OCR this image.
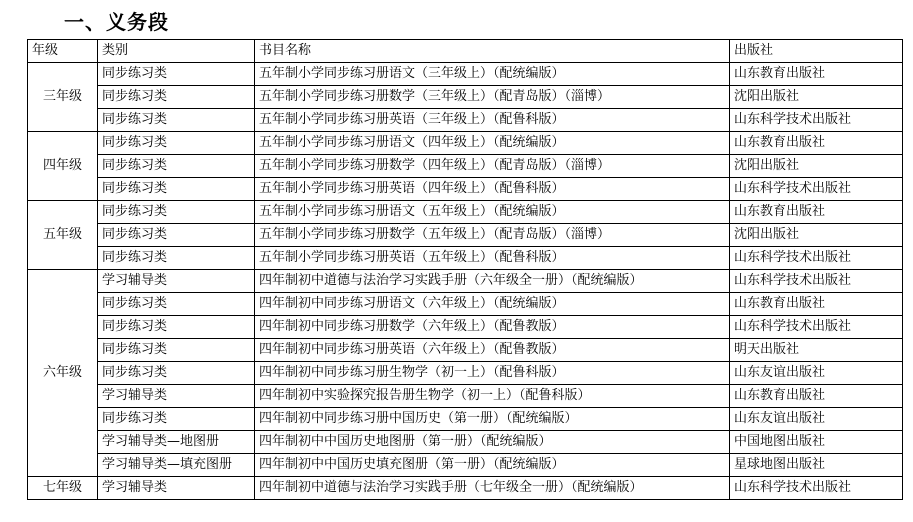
一、义务段
年级	类别	书目名称	出版社
三年级	同步练习类	五年制小学同步练习册语文（三年级上）（配统编版）	山东教育出版社
	同步练习类	五年制小学同步练习册数学（三年级上）（配青岛版）（淄博）	沈阳出版社
	同步练习类	五年制小学同步练习册英语（三年级上）（配鲁科版）	山东科学技术出版社
四年级	同步练习类	五年制小学同步练习册语文（四年级上）（配统编版）	山东教育出版社
	同步练习类	五年制小学同步练习册数学（四年级上）（配青岛版）（淄博）	沈阳出版社
	同步练习类	五年制小学同步练习册英语（四年级上）（配鲁科版）	山东科学技术出版社
五年级	同步练习类	五年制小学同步练习册语文（五年级上）（配统编版）	山东教育出版社
	同步练习类	五年制小学同步练习册数学（五年级上）（配青岛版）（淄博）	沈阳出版社
	同步练习类	五年制小学同步练习册英语（五年级上）（配鲁科版）	山东科学技术出版社
六年级	学习辅导类	四年制初中道德与法治学习实践手册（六年级全一册）（配统编版）	山东科学技术出版社
	同步练习类	四年制初中同步练习册语文（六年级上）（配统编版）	山东教育出版社
	同步练习类	四年制初中同步练习册数学（六年级上）（配鲁教版）	山东科学技术出版社
	同步练习类	四年制初中同步练习册英语（六年级上）（配鲁教版）	明天出版社
	同步练习类	四年制初中同步练习册生物学（初一上）（配鲁科版）	山东友谊出版社
	学习辅导类	四年制初中实验探究报告册生物学（初一上）（配鲁科版）	山东教育出版社
	同步练习类	四年制初中同步练习册中国历史（第一册）（配统编版）	山东友谊出版社
	学习辅导类—地图册	四年制初中中国历史地图册（第一册）（配统编版）	中国地图出版社
	学习辅导类—填充图册	四年制初中中国历史填充图册（第一册）（配统编版）	星球地图出版社
七年级	学习辅导类	四年制初中道德与法治学习实践手册（七年级全一册）（配统编版）	山东科学技术出版社
